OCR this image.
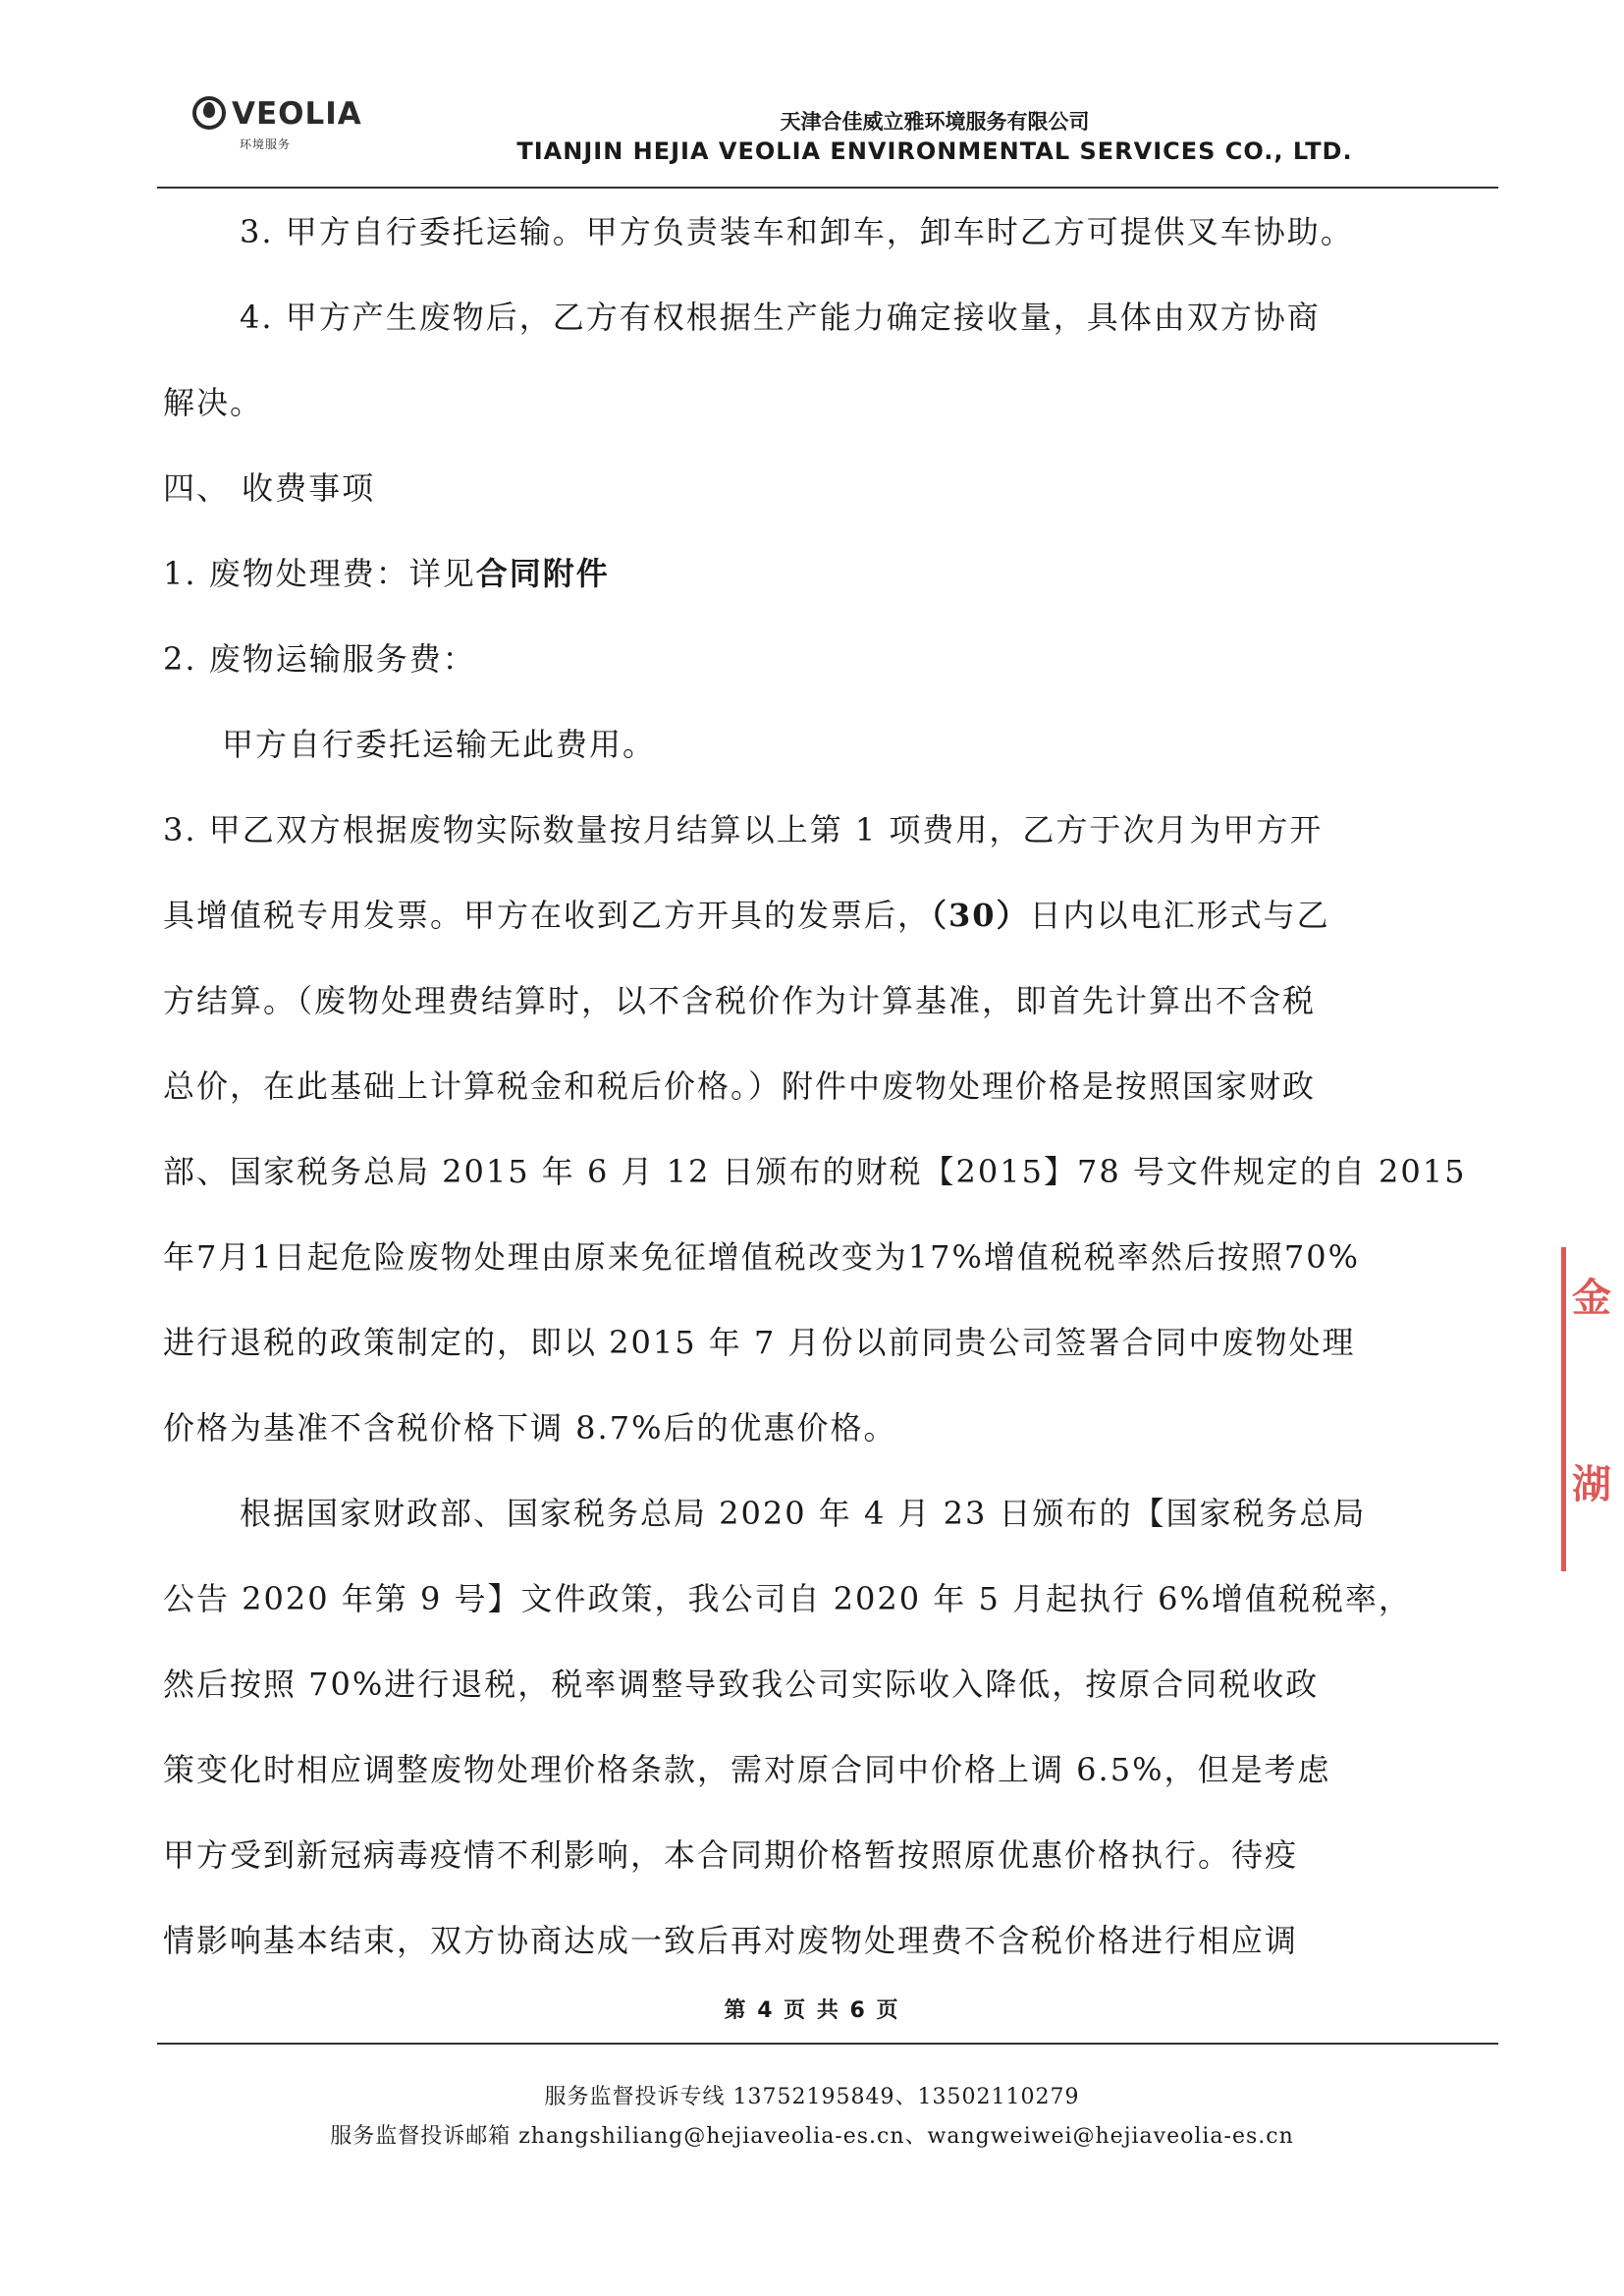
VEOLIA
环境服务
天津合佳威立雅环境服务有限公司
TIANJIN HEJIA VEOLIA ENVIRONMENTAL SERVICES CO., LTD.
3. 甲方自行委托运输。甲方负责装车和卸车，卸车时乙方可提供叉车协助。
4. 甲方产生废物后，乙方有权根据生产能力确定接收量，具体由双方协商
解决。
四、 收费事项
1. 废物处理费：详见合同附件
2. 废物运输服务费：
甲方自行委托运输无此费用。
3. 甲乙双方根据废物实际数量按月结算以上第 1 项费用，乙方于次月为甲方开
具增值税专用发票。甲方在收到乙方开具的发票后，（30）日内以电汇形式与乙
方结算。（废物处理费结算时，以不含税价作为计算基准，即首先计算出不含税
总价，在此基础上计算税金和税后价格。）附件中废物处理价格是按照国家财政
部、国家税务总局 2015 年 6 月 12 日颁布的财税【2015】78 号文件规定的自 2015
年7月1日起危险废物处理由原来免征增值税改变为17%增值税税率然后按照70%
进行退税的政策制定的，即以 2015 年 7 月份以前同贵公司签署合同中废物处理
价格为基准不含税价格下调 8.7%后的优惠价格。
根据国家财政部、国家税务总局 2020 年 4 月 23 日颁布的【国家税务总局
公告 2020 年第 9 号】文件政策，我公司自 2020 年 5 月起执行 6%增值税税率，
然后按照 70%进行退税，税率调整导致我公司实际收入降低，按原合同税收政
策变化时相应调整废物处理价格条款，需对原合同中价格上调 6.5%，但是考虑
甲方受到新冠病毒疫情不利影响，本合同期价格暂按照原优惠价格执行。待疫
情影响基本结束，双方协商达成一致后再对废物处理费不含税价格进行相应调
第 4 页 共 6 页
服务监督投诉专线 13752195849、13502110279
服务监督投诉邮箱 zhangshiliang@hejiaveolia-es.cn、wangweiwei@hejiaveolia-es.cn
金
湖
